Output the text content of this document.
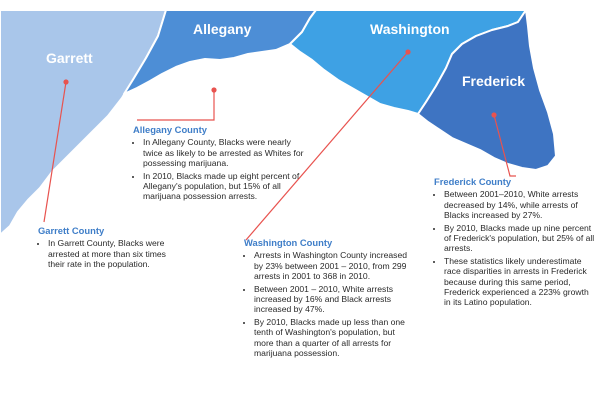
Garrett
Allegany	Washington
Frederick
Garrett County
• In Garrett County, Blacks were arrested at more than six times their rate in the population.
Allegany County
• In Allegany County, Blacks were nearly twice as likely to be arrested as Whites for possessing marijuana.
• In 2010, Blacks made up eight percent of Allegany's population, but 15% of all marijuana possession arrests.
Washington County
• Arrests in Washington County increased by 23% between 2001 – 2010, from 299 arrests in 2001 to 368 in 2010.
• Between 2001 – 2010, White arrests increased by 16% and Black arrests increased by 47%.
• By 2010, Blacks made up less than one tenth of Washington's population, but more than a quarter of all arrests for marijuana possession.
Frederick County
• Between 2001–2010, White arrests decreased by 14%, while arrests of Blacks increased by 27%.
• By 2010, Blacks made up nine percent of Frederick's population, but 25% of all arrests.
• These statistics likely underestimate race disparities in arrests in Frederick because during this same period, Frederick experienced a 223% growth in its Latino population.
